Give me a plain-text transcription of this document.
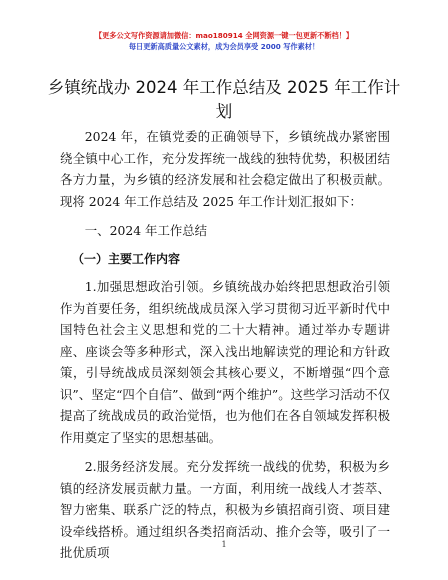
【更多公文写作资源请加微信：mao180914 全网资源一键一包更新不断档！】
每日更新高质量公文素材，成为会员享受 2000 写作素材！
乡镇统战办 2024 年工作总结及 2025 年工作计划

2024 年，在镇党委的正确领导下，乡镇统战办紧密围绕全镇中心工作，充分发挥统一战线的独特优势，积极团结各方力量，为乡镇的经济发展和社会稳定做出了积极贡献。现将 2024 年工作总结及 2025 年工作计划汇报如下：

一、2024 年工作总结

（一）主要工作内容

1.加强思想政治引领。乡镇统战办始终把思想政治引领作为首要任务，组织统战成员深入学习贯彻习近平新时代中国特色社会主义思想和党的二十大精神。通过举办专题讲座、座谈会等多种形式，深入浅出地解读党的理论和方针政策，引导统战成员深刻领会其核心要义，不断增强“四个意识”、坚定“四个自信”、做到“两个维护”。这些学习活动不仅提高了统战成员的政治觉悟，也为他们在各自领域发挥积极作用奠定了坚实的思想基础。

2.服务经济发展。充分发挥统一战线的优势，积极为乡镇的经济发展贡献力量。一方面，利用统一战线人才荟萃、智力密集、联系广泛的特点，积极为乡镇招商引资、项目建设牵线搭桥。通过组织各类招商活动、推介会等，吸引了一批优质项

1
